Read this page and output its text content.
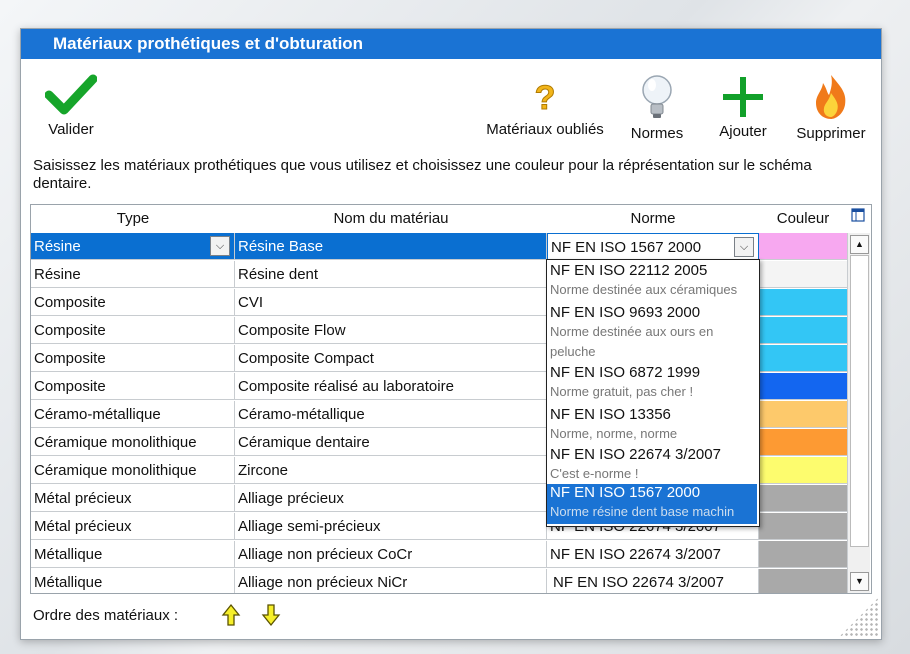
Matériaux prothétiques et d'obturation
Valider
?
Matériaux oubliés	Normes	Ajouter	Supprimer
Saisissez les matériaux prothétiques que vous utilisez et choisissez une couleur pour la réprésentation sur le schéma dentaire.
Type	Nom du matériau	Norme	Couleur
Résine	⌵ Résine Base	NF EN ISO 1567 2000	⌵
Résine	Résine dent
Composite	CVI
Composite	Composite Flow
Composite	Composite Compact
Composite	Composite réalisé au laboratoire
Céramo-métallique	Céramo-métallique
Céramique monolithique	Céramique dentaire
Céramique monolithique	Zircone
Métal précieux	Alliage précieux
Métal précieux	Alliage semi-précieux
Métallique	Alliage non précieux CoCr	NF EN ISO 22674 3/2007
Métallique	Alliage non précieux NiCr	NF EN ISO 22674 3/2007
▲
▼
NF EN ISO 22112 2005
Norme destinée aux céramiques
NF EN ISO 9693 2000
Norme destinée aux ours en peluche
NF EN ISO 6872 1999
Norme gratuit, pas cher !
NF EN ISO 13356
Norme, norme, norme
NF EN ISO 22674 3/2007
C'est e-norme !
NF EN ISO 1567 2000
Norme résine dent base machin
Ordre des matériaux :
